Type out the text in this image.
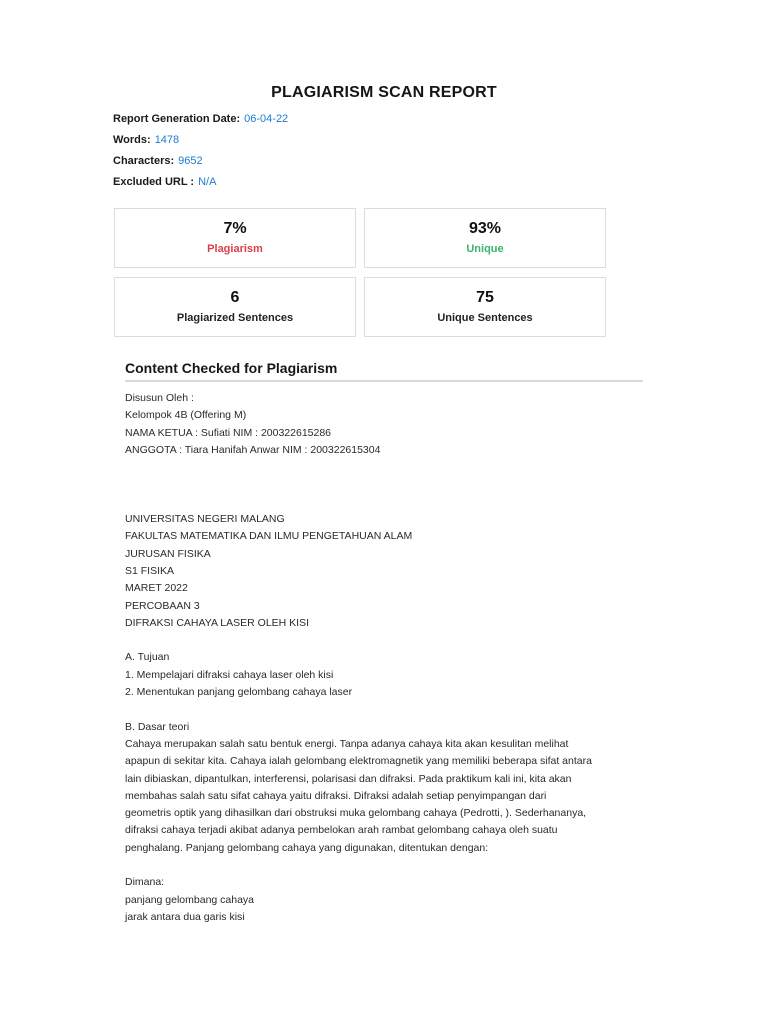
PLAGIARISM SCAN REPORT
Report Generation Date: 06-04-22
Words: 1478
Characters: 9652
Excluded URL : N/A
7%
Plagiarism
93%
Unique
6
Plagiarized Sentences
75
Unique Sentences
Content Checked for Plagiarism
Disusun Oleh :
Kelompok 4B (Offering M)
NAMA KETUA : Sufiati NIM : 200322615286
ANGGOTA : Tiara Hanifah Anwar NIM : 200322615304
UNIVERSITAS NEGERI MALANG
FAKULTAS MATEMATIKA DAN ILMU PENGETAHUAN ALAM
JURUSAN FISIKA
S1 FISIKA
MARET 2022
PERCOBAAN 3
DIFRAKSI CAHAYA LASER OLEH KISI
A. Tujuan
1. Mempelajari difraksi cahaya laser oleh kisi
2. Menentukan panjang gelombang cahaya laser
B. Dasar teori
Cahaya merupakan salah satu bentuk energi. Tanpa adanya cahaya kita akan kesulitan melihat
apapun di sekitar kita. Cahaya ialah gelombang elektromagnetik yang memiliki beberapa sifat antara
lain dibiaskan, dipantulkan, interferensi, polarisasi dan difraksi. Pada praktikum kali ini, kita akan
membahas salah satu sifat cahaya yaitu difraksi. Difraksi adalah setiap penyimpangan dari
geometris optik yang dihasilkan dari obstruksi muka gelombang cahaya (Pedrotti, ). Sederhananya,
difraksi cahaya terjadi akibat adanya pembelokan arah rambat gelombang cahaya oleh suatu
penghalang. Panjang gelombang cahaya yang digunakan, ditentukan dengan:
Dimana:
panjang gelombang cahaya
jarak antara dua garis kisi
